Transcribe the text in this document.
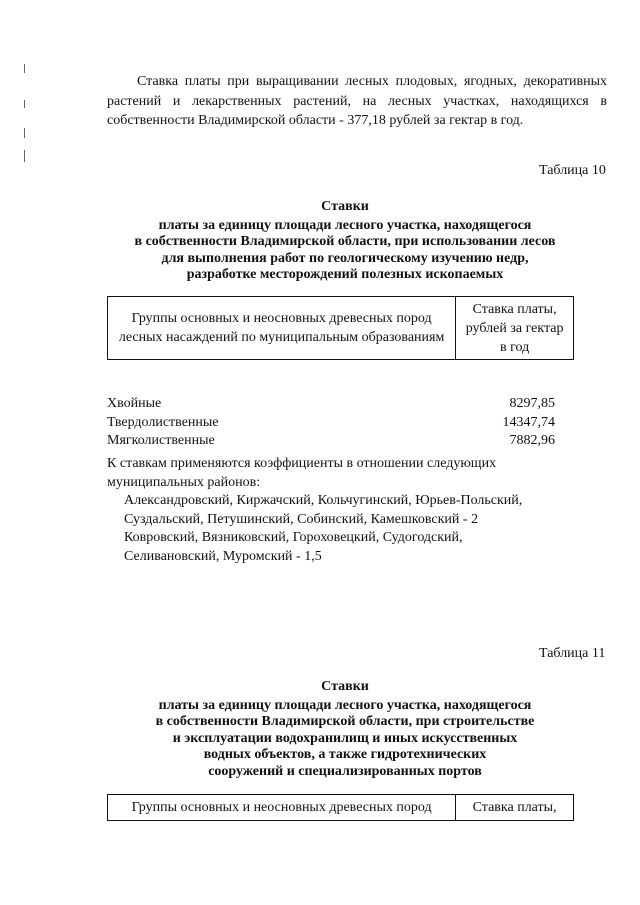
Ставка платы при выращивании лесных плодовых, ягодных, декоративных растений и лекарственных растений, на лесных участках, находящихся в собственности Владимирской области - 377,18 рублей за гектар в год.

Таблица 10

Ставки
платы за единицу площади лесного участка, находящегося
в собственности Владимирской области, при использовании лесов
для выполнения работ по геологическому изучению недр,
разработке месторождений полезных ископаемых
Группы основных и неосновных древесных пород
лесных насаждений по муниципальным образованиям

Ставка платы,
рублей за гектар
в год
Хвойные	8297,85
Твердолиственные	14347,74
Мягколиственные	7882,96
К ставкам применяются коэффициенты в отношении следующих
муниципальных районов:
Александровский, Киржачский, Кольчугинский, Юрьев-Польский,
Суздальский, Петушинский, Собинский, Камешковский - 2
Ковровский, Вязниковский, Гороховецкий, Судогодский,
Селивановский, Муромский - 1,5

Таблица 11

Ставки
платы за единицу площади лесного участка, находящегося
в собственности Владимирской области, при строительстве
и эксплуатации водохранилищ и иных искусственных
водных объектов, а также гидротехнических
сооружений и специализированных портов
Группы основных и неосновных древесных пород	Ставка платы,
